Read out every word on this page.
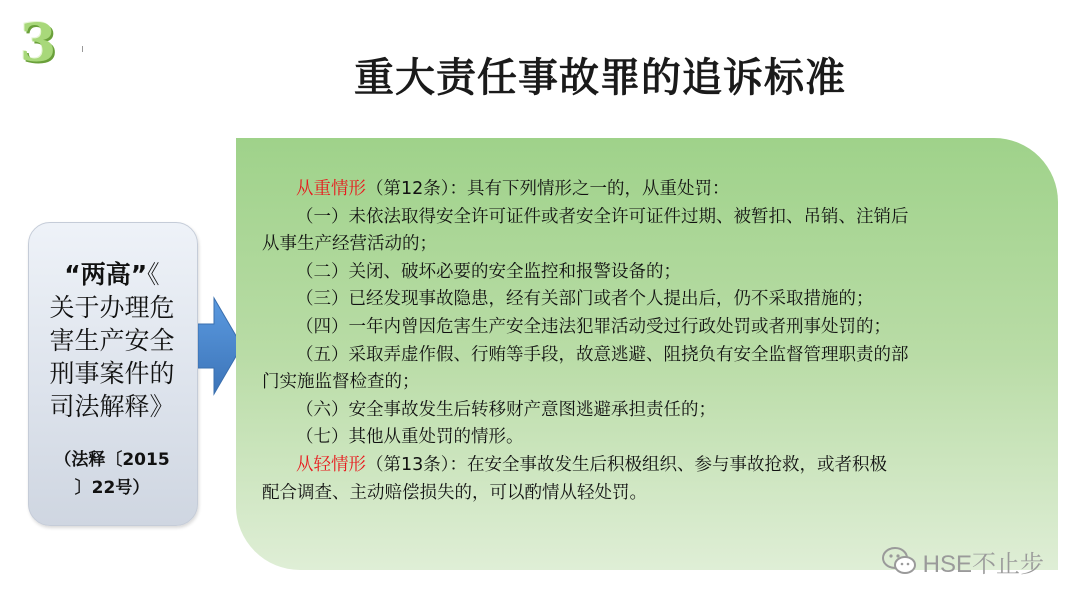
3
重大责任事故罪的追诉标准
“两高”《
关于办理危
害生产安全
刑事案件的
司法解释》
（法释〔2015
〕22号）

从重情形（第12条）：具有下列情形之一的，从重处罚：

（一）未依法取得安全许可证件或者安全许可证件过期、被暂扣、吊销、注销后

从事生产经营活动的；

（二）关闭、破坏必要的安全监控和报警设备的；

（三）已经发现事故隐患，经有关部门或者个人提出后，仍不采取措施的；

（四）一年内曾因危害生产安全违法犯罪活动受过行政处罚或者刑事处罚的；

（五）采取弄虚作假、行贿等手段，故意逃避、阻挠负有安全监督管理职责的部

门实施监督检查的；

（六）安全事故发生后转移财产意图逃避承担责任的；

（七）其他从重处罚的情形。

从轻情形（第13条）：在安全事故发生后积极组织、参与事故抢救，或者积极

配合调查、主动赔偿损失的，可以酌情从轻处罚。

HSE不止步
